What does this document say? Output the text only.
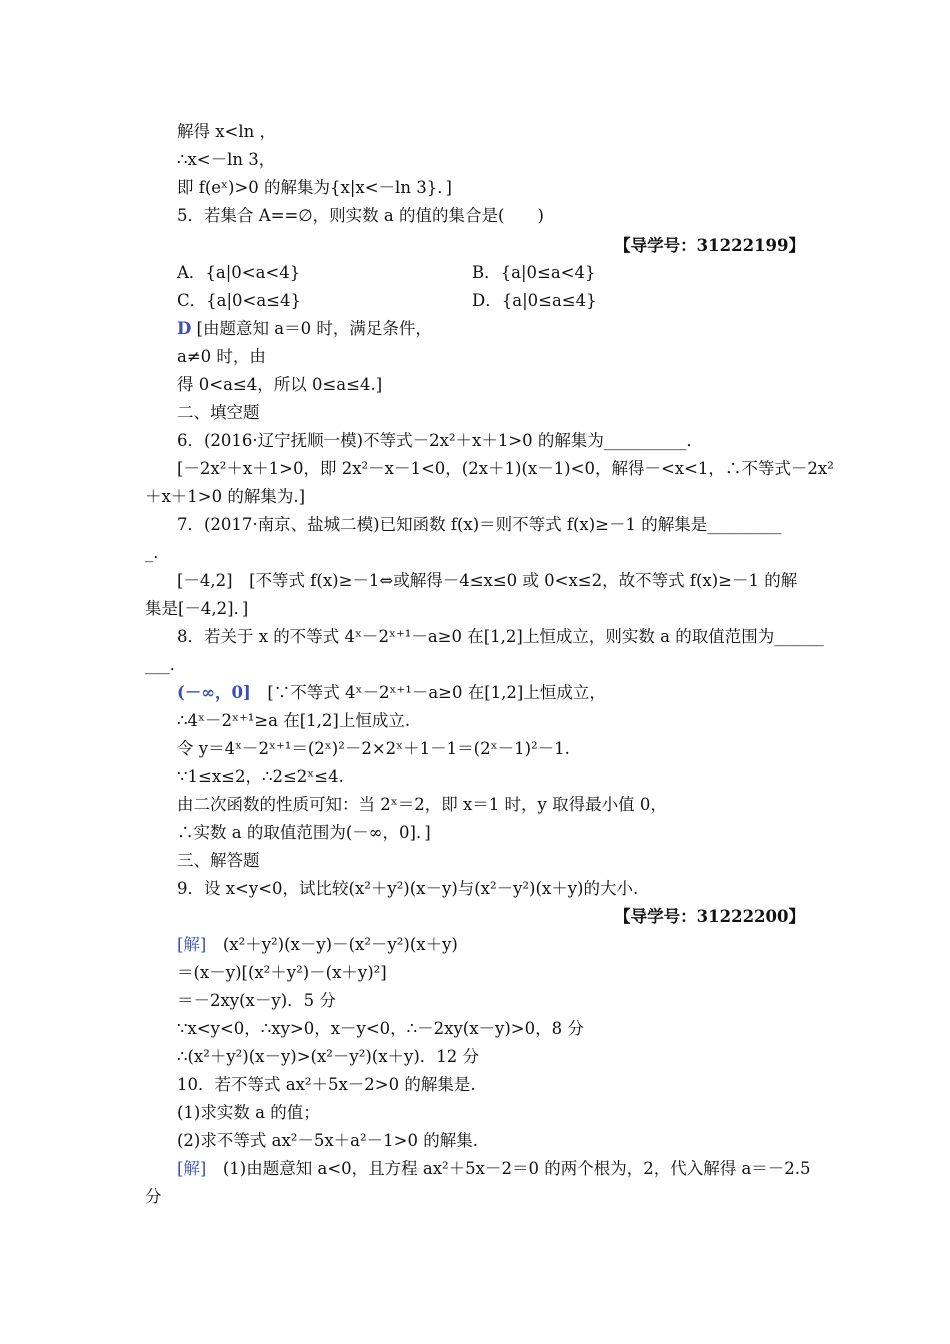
解得 x<ln ，
∴x<－ln 3，
即 f(eˣ)>0 的解集为{x|x<－ln 3}．]
5．若集合 A==∅，则实数 a 的值的集合是(　　)
【导学号：31222199】
A．{a|0<a<4}	B．{a|0≤a<4}
C．{a|0<a≤4}	D．{a|0≤a≤4}
D [由题意知 a＝0 时，满足条件，
a≠0 时，由
得 0<a≤4，所以 0≤a≤4.]
二、填空题
6．(2016·辽宁抚顺一模)不等式－2x²＋x＋1>0 的解集为__________．
[－2x²＋x＋1>0，即 2x²－x－1<0，(2x＋1)(x－1)<0，解得－<x<1，∴不等式－2x²
＋x＋1>0 的解集为.]
7．(2017·南京、盐城二模)已知函数 f(x)＝则不等式 f(x)≥－1 的解集是_________
_．
[－4,2]　[不等式 f(x)≥－1⇔或解得－4≤x≤0 或 0<x≤2，故不等式 f(x)≥－1 的解
集是[－4,2]．]
8．若关于 x 的不等式 4ˣ－2ˣ⁺¹－a≥0 在[1,2]上恒成立，则实数 a 的取值范围为______
___．
(－∞，0]　[∵不等式 4ˣ－2ˣ⁺¹－a≥0 在[1,2]上恒成立，
∴4ˣ－2ˣ⁺¹≥a 在[1,2]上恒成立.
令 y＝4ˣ－2ˣ⁺¹＝(2ˣ)²－2×2ˣ＋1－1＝(2ˣ－1)²－1.
∵1≤x≤2，∴2≤2ˣ≤4.
由二次函数的性质可知：当 2ˣ＝2，即 x＝1 时，y 取得最小值 0，
∴实数 a 的取值范围为(－∞，0]．]
三、解答题
9．设 x<y<0，试比较(x²＋y²)(x－y)与(x²－y²)(x＋y)的大小.
【导学号：31222200】
[解]　(x²＋y²)(x－y)－(x²－y²)(x＋y)
＝(x－y)[(x²＋y²)－(x＋y)²]
＝－2xy(x－y)．5 分
∵x<y<0，∴xy>0，x－y<0，∴－2xy(x－y)>0，8 分
∴(x²＋y²)(x－y)>(x²－y²)(x＋y)．12 分
10．若不等式 ax²＋5x－2>0 的解集是.
(1)求实数 a 的值；
(2)求不等式 ax²－5x＋a²－1>0 的解集.
[解]　(1)由题意知 a<0，且方程 ax²＋5x－2＝0 的两个根为，2，代入解得 a＝－2.5
分
